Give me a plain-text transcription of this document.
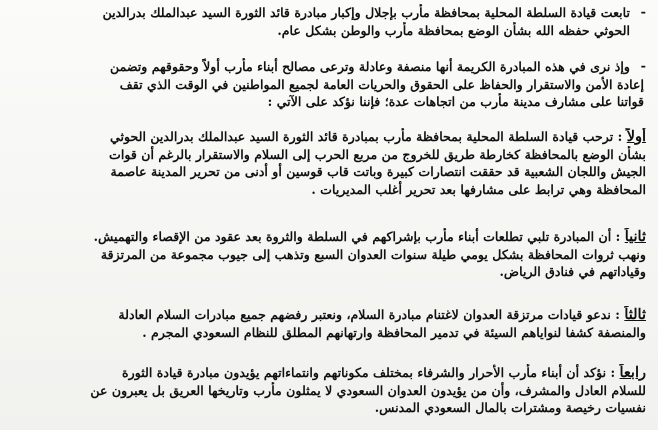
-
تابعت قيادة السلطة المحلية بمحافظة مأرب بإجلال وإكبار مبادرة قائد الثورة السيد عبدالملك بدرالدين
الحوثي حفظه الله بشأن الوضع بمحافظة مأرب والوطن بشكل عام.
-
وإذ نرى في هذه المبادرة الكريمة أنها منصفة وعادلة وترعى مصالح أبناء مأرب أولاً وحقوقهم وتضمن
إعادة الأمن والاستقرار والحفاظ على الحقوق والحريات العامة لجميع المواطنين في الوقت الذي تقف
قواتنا على مشارف مدينة مأرب من اتجاهات عدة؛ فإننا نؤكد على الآتي :
أولاً : ترحب قيادة السلطة المحلية بمحافظة مأرب بمبادرة قائد الثورة السيد عبدالملك بدرالدين الحوثي
بشأن الوضع بالمحافظة كخارطة طريق للخروج من مربع الحرب إلى السلام والاستقرار بالرغم أن قوات
الجيش واللجان الشعبية قد حققت انتصارات كبيرة وباتت قاب قوسين أو أدنى من تحرير المدينة عاصمة
المحافظة وهي ترابط على مشارفها بعد تحرير أغلب المديريات .
ثانياً : أن المبادرة تلبي تطلعات أبناء مأرب بإشراكهم في السلطة والثروة بعد عقود من الإقصاء والتهميش.
ونهب ثروات المحافظة بشكل يومي طيلة سنوات العدوان السبع وتذهب إلى جيوب مجموعة من المرتزقة
وقياداتهم في فنادق الرياض.
ثالثاً : ندعو قيادات مرتزقة العدوان لاغتنام مبادرة السلام، ونعتبر رفضهم جميع مبادرات السلام العادلة
والمنصفة كشفا لنواياهم السيئة في تدمير المحافظة وارتهانهم المطلق للنظام السعودي المجرم .
رابعاً : نؤكد أن أبناء مأرب الأحرار والشرفاء بمختلف مكوناتهم وانتماءاتهم يؤيدون مبادرة قيادة الثورة
للسلام العادل والمشرف، وأن من يؤيدون العدوان السعودي لا يمثلون مأرب وتاريخها العريق بل يعبرون عن
نفسيات رخيصة ومشترات بالمال السعودي المدنس.
